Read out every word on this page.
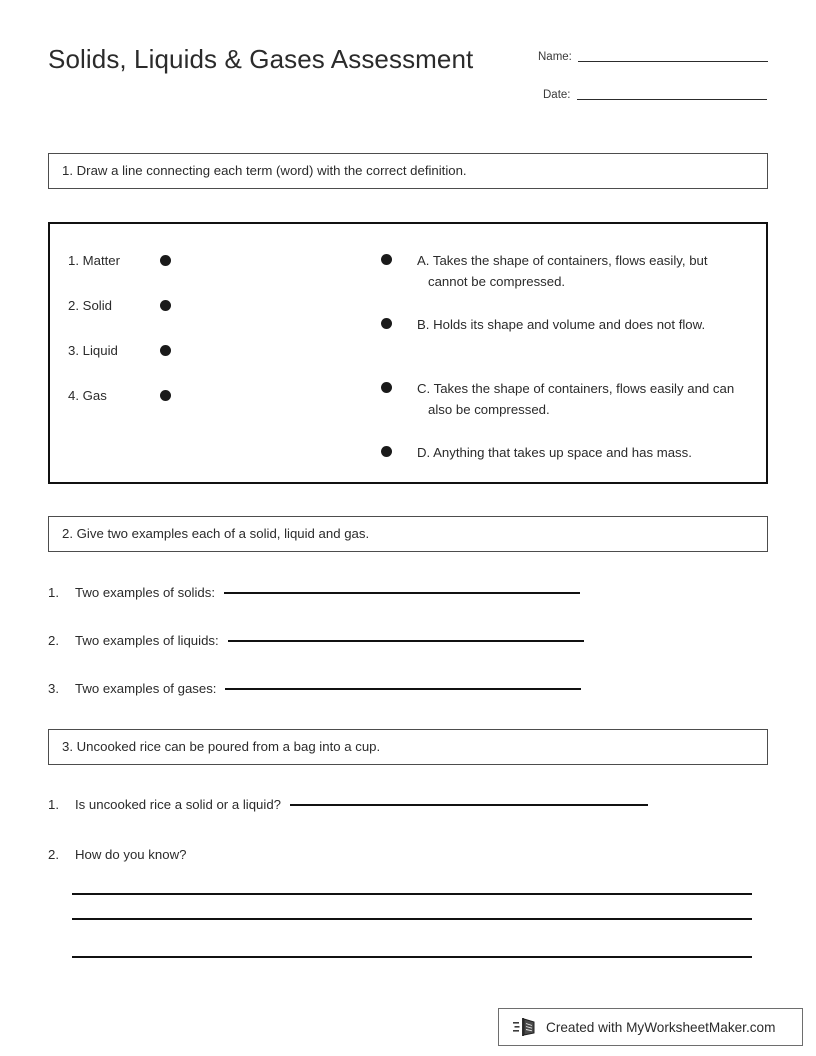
Solids, Liquids & Gases Assessment	Name:
Date:
1. Draw a line connecting each term (word) with the correct definition.
1. Matter
2. Solid
3. Liquid
4. Gas
A. Takes the shape of containers, flows easily, but cannot be compressed.
B. Holds its shape and volume and does not flow.
C. Takes the shape of containers, flows easily and can also be compressed.
D. Anything that takes up space and has mass.
2. Give two examples each of a solid, liquid and gas.
1.	Two examples of solids:
2.	Two examples of liquids:
3.	Two examples of gases:
3. Uncooked rice can be poured from a bag into a cup.
1.	Is uncooked rice a solid or a liquid?
2.	How do you know?
Created with MyWorksheetMaker.com
